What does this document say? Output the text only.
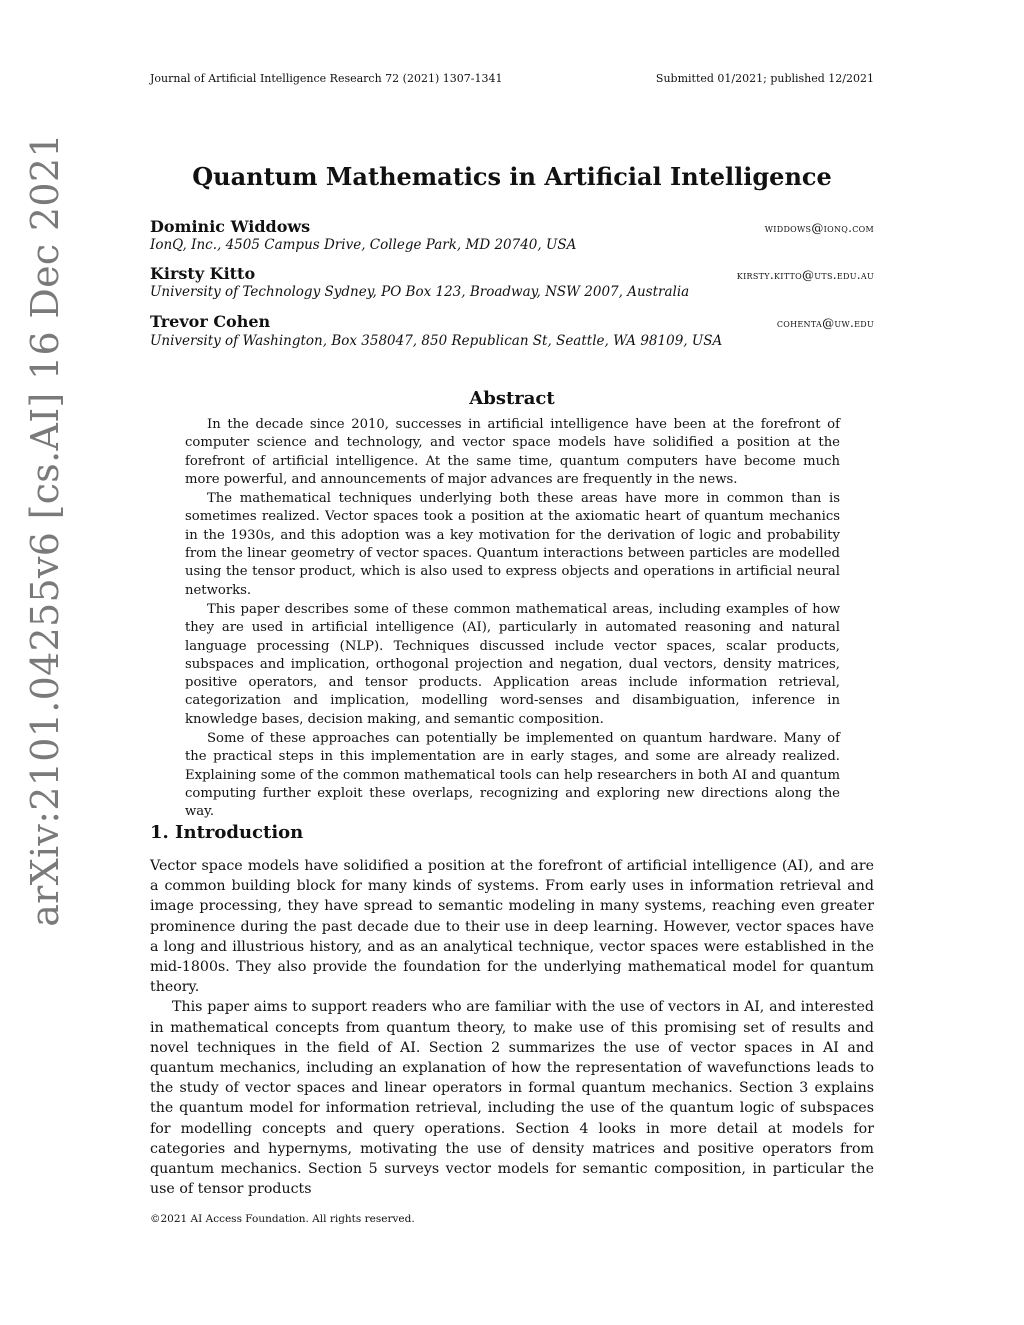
Journal of Artificial Intelligence Research 72 (2021) 1307-1341	Submitted 01/2021; published 12/2021
arXiv:2101.04255v6 [cs.AI] 16 Dec 2021	Quantum Mathematics in Artificial Intelligence
Dominic Widdows	widdows@ionq.com
IonQ, Inc., 4505 Campus Drive, College Park, MD 20740, USA
Kirsty Kitto	kirsty.kitto@uts.edu.au
University of Technology Sydney, PO Box 123, Broadway, NSW 2007, Australia
Trevor Cohen	cohenta@uw.edu
University of Washington, Box 358047, 850 Republican St, Seattle, WA 98109, USA
Abstract

In the decade since 2010, successes in artificial intelligence have been at the forefront of computer science and technology, and vector space models have solidified a position at the forefront of artificial intelligence. At the same time, quantum computers have become much more powerful, and announcements of major advances are frequently in the news.

The mathematical techniques underlying both these areas have more in common than is sometimes realized. Vector spaces took a position at the axiomatic heart of quantum mechanics in the 1930s, and this adoption was a key motivation for the derivation of logic and probability from the linear geometry of vector spaces. Quantum interactions between particles are modelled using the tensor product, which is also used to express objects and operations in artificial neural networks.

This paper describes some of these common mathematical areas, including examples of how they are used in artificial intelligence (AI), particularly in automated reasoning and natural language processing (NLP). Techniques discussed include vector spaces, scalar products, subspaces and implication, orthogonal projection and negation, dual vectors, density matrices, positive operators, and tensor products. Application areas include information retrieval, categorization and implication, modelling word-senses and disambiguation, inference in knowledge bases, decision making, and semantic composition.

Some of these approaches can potentially be implemented on quantum hardware. Many of the practical steps in this implementation are in early stages, and some are already realized. Explaining some of the common mathematical tools can help researchers in both AI and quantum computing further exploit these overlaps, recognizing and exploring new directions along the way.

1. Introduction

Vector space models have solidified a position at the forefront of artificial intelligence (AI), and are a common building block for many kinds of systems. From early uses in information retrieval and image processing, they have spread to semantic modeling in many systems, reaching even greater prominence during the past decade due to their use in deep learning. However, vector spaces have a long and illustrious history, and as an analytical technique, vector spaces were established in the mid-1800s. They also provide the foundation for the underlying mathematical model for quantum theory.

This paper aims to support readers who are familiar with the use of vectors in AI, and interested in mathematical concepts from quantum theory, to make use of this promising set of results and novel techniques in the field of AI. Section 2 summarizes the use of vector spaces in AI and quantum mechanics, including an explanation of how the representation of wavefunctions leads to the study of vector spaces and linear operators in formal quantum mechanics. Section 3 explains the quantum model for information retrieval, including the use of the quantum logic of subspaces for modelling concepts and query operations. Section 4 looks in more detail at models for categories and hypernyms, motivating the use of density matrices and positive operators from quantum mechanics. Section 5 surveys vector models for semantic composition, in particular the use of tensor products

©2021 AI Access Foundation. All rights reserved.
